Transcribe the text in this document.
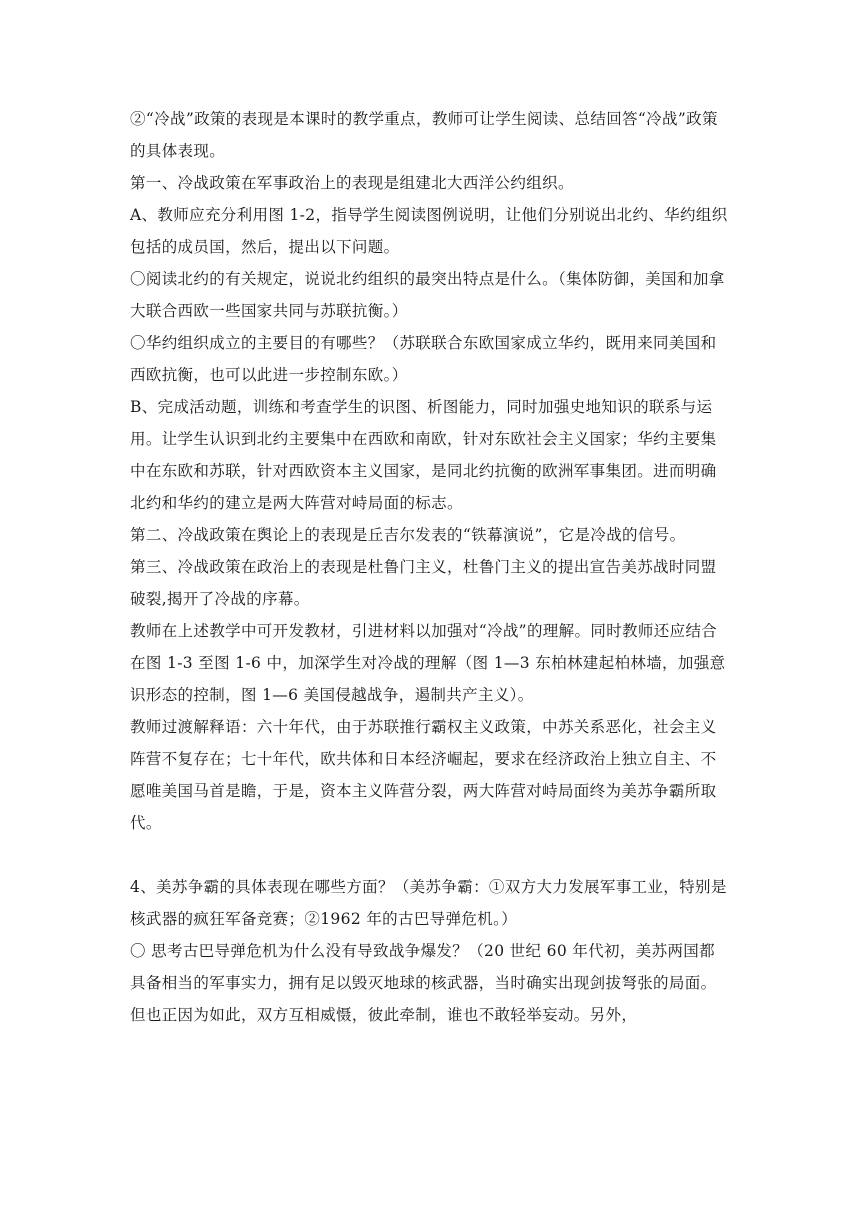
②“冷战”政策的表现是本课时的教学重点，教师可让学生阅读、总结回答“冷战”政策的具体表现。

第一、冷战政策在军事政治上的表现是组建北大西洋公约组织。

A、教师应充分利用图 1-2，指导学生阅读图例说明，让他们分别说出北约、华约组织包括的成员国，然后，提出以下问题。

〇阅读北约的有关规定，说说北约组织的最突出特点是什么。（集体防御，美国和加拿大联合西欧一些国家共同与苏联抗衡。）

〇华约组织成立的主要目的有哪些？（苏联联合东欧国家成立华约，既用来同美国和西欧抗衡，也可以此进一步控制东欧。）

B、完成活动题，训练和考查学生的识图、析图能力，同时加强史地知识的联系与运用。让学生认识到北约主要集中在西欧和南欧，针对东欧社会主义国家；华约主要集中在东欧和苏联，针对西欧资本主义国家，是同北约抗衡的欧洲军事集团。进而明确北约和华约的建立是两大阵营对峙局面的标志。

第二、冷战政策在舆论上的表现是丘吉尔发表的“铁幕演说”，它是冷战的信号。

第三、冷战政策在政治上的表现是杜鲁门主义，杜鲁门主义的提出宣告美苏战时同盟破裂,揭开了冷战的序幕。

教师在上述教学中可开发教材，引进材料以加强对“冷战”的理解。同时教师还应结合在图 1-3 至图 1-6 中，加深学生对冷战的理解（图 1—3 东柏林建起柏林墙，加强意识形态的控制，图 1—6 美国侵越战争，遏制共产主义）。

教师过渡解释语：六十年代，由于苏联推行霸权主义政策，中苏关系恶化，社会主义阵营不复存在；七十年代，欧共体和日本经济崛起，要求在经济政治上独立自主、不愿唯美国马首是瞻，于是，资本主义阵营分裂，两大阵营对峙局面终为美苏争霸所取代。

4、美苏争霸的具体表现在哪些方面？（美苏争霸：①双方大力发展军事工业，特别是核武器的疯狂军备竞赛；②1962 年的古巴导弹危机。）

〇 思考古巴导弹危机为什么没有导致战争爆发？（20 世纪 60 年代初，美苏两国都具备相当的军事实力，拥有足以毁灭地球的核武器，当时确实出现剑拔弩张的局面。但也正因为如此，双方互相威慑，彼此牵制，谁也不敢轻举妄动。另外，
